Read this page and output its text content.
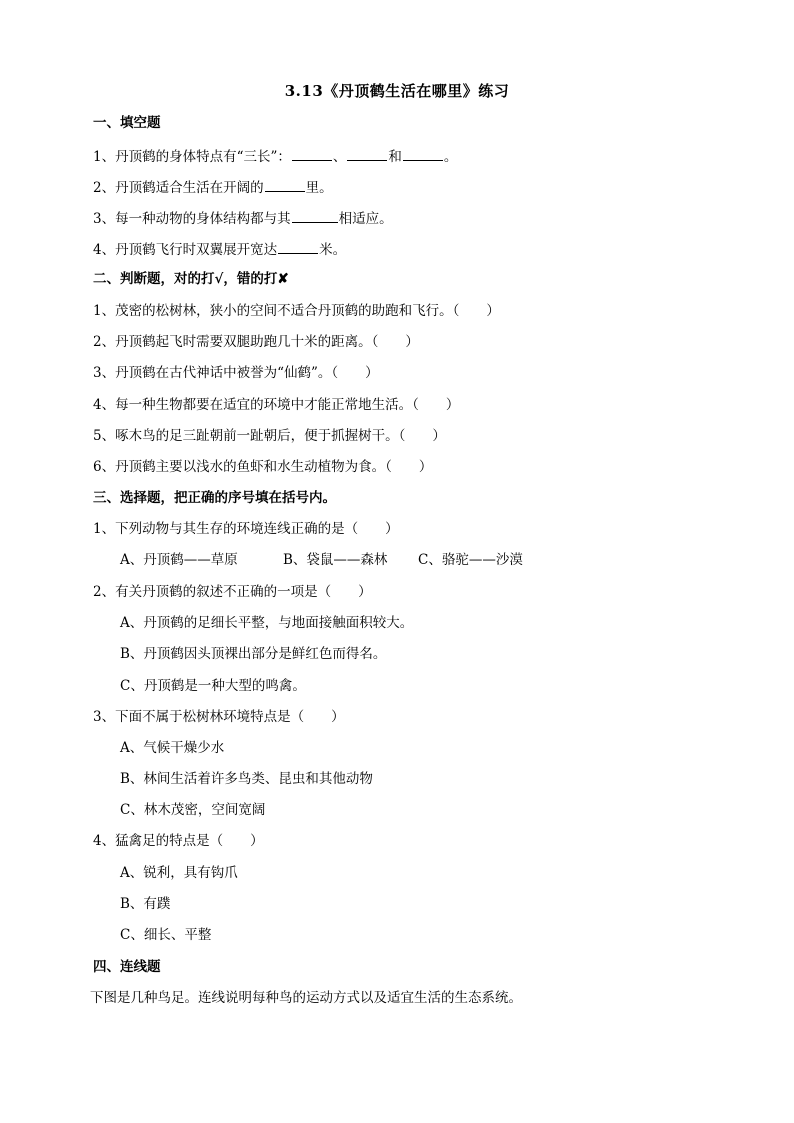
3.13《丹顶鹤生活在哪里》练习
一、填空题
1、丹顶鹤的身体特点有“三长”：	、	和	。
2、丹顶鹤适合生活在开阔的	里。
3、每一种动物的身体结构都与其	相适应。
4、丹顶鹤飞行时双翼展开宽达	米。
二、判断题，对的打√，错的打✘
1、茂密的松树林，狭小的空间不适合丹顶鹤的助跑和飞行。（　　）
2、丹顶鹤起飞时需要双腿助跑几十米的距离。（　　）
3、丹顶鹤在古代神话中被誉为“仙鹤”。（　　）
4、每一种生物都要在适宜的环境中才能正常地生活。（　　）
5、啄木鸟的足三趾朝前一趾朝后，便于抓握树干。（　　）
6、丹顶鹤主要以浅水的鱼虾和水生动植物为食。（　　）
三、选择题，把正确的序号填在括号内。
1、下列动物与其生存的环境连线正确的是（　　）
A、丹顶鹤——草原	B、袋鼠——森林 C、骆驼——沙漠
2、有关丹顶鹤的叙述不正确的一项是（　　）
A、丹顶鹤的足细长平整，与地面接触面积较大。
B、丹顶鹤因头顶裸出部分是鲜红色而得名。
C、丹顶鹤是一种大型的鸣禽。
3、下面不属于松树林环境特点是（　　）
A、气候干燥少水
B、林间生活着许多鸟类、昆虫和其他动物
C、林木茂密，空间宽阔
4、猛禽足的特点是（　　）
A、锐利，具有钩爪
B、有蹼
C、细长、平整
四、连线题
下图是几种鸟足。连线说明每种鸟的运动方式以及适宜生活的生态系统。
